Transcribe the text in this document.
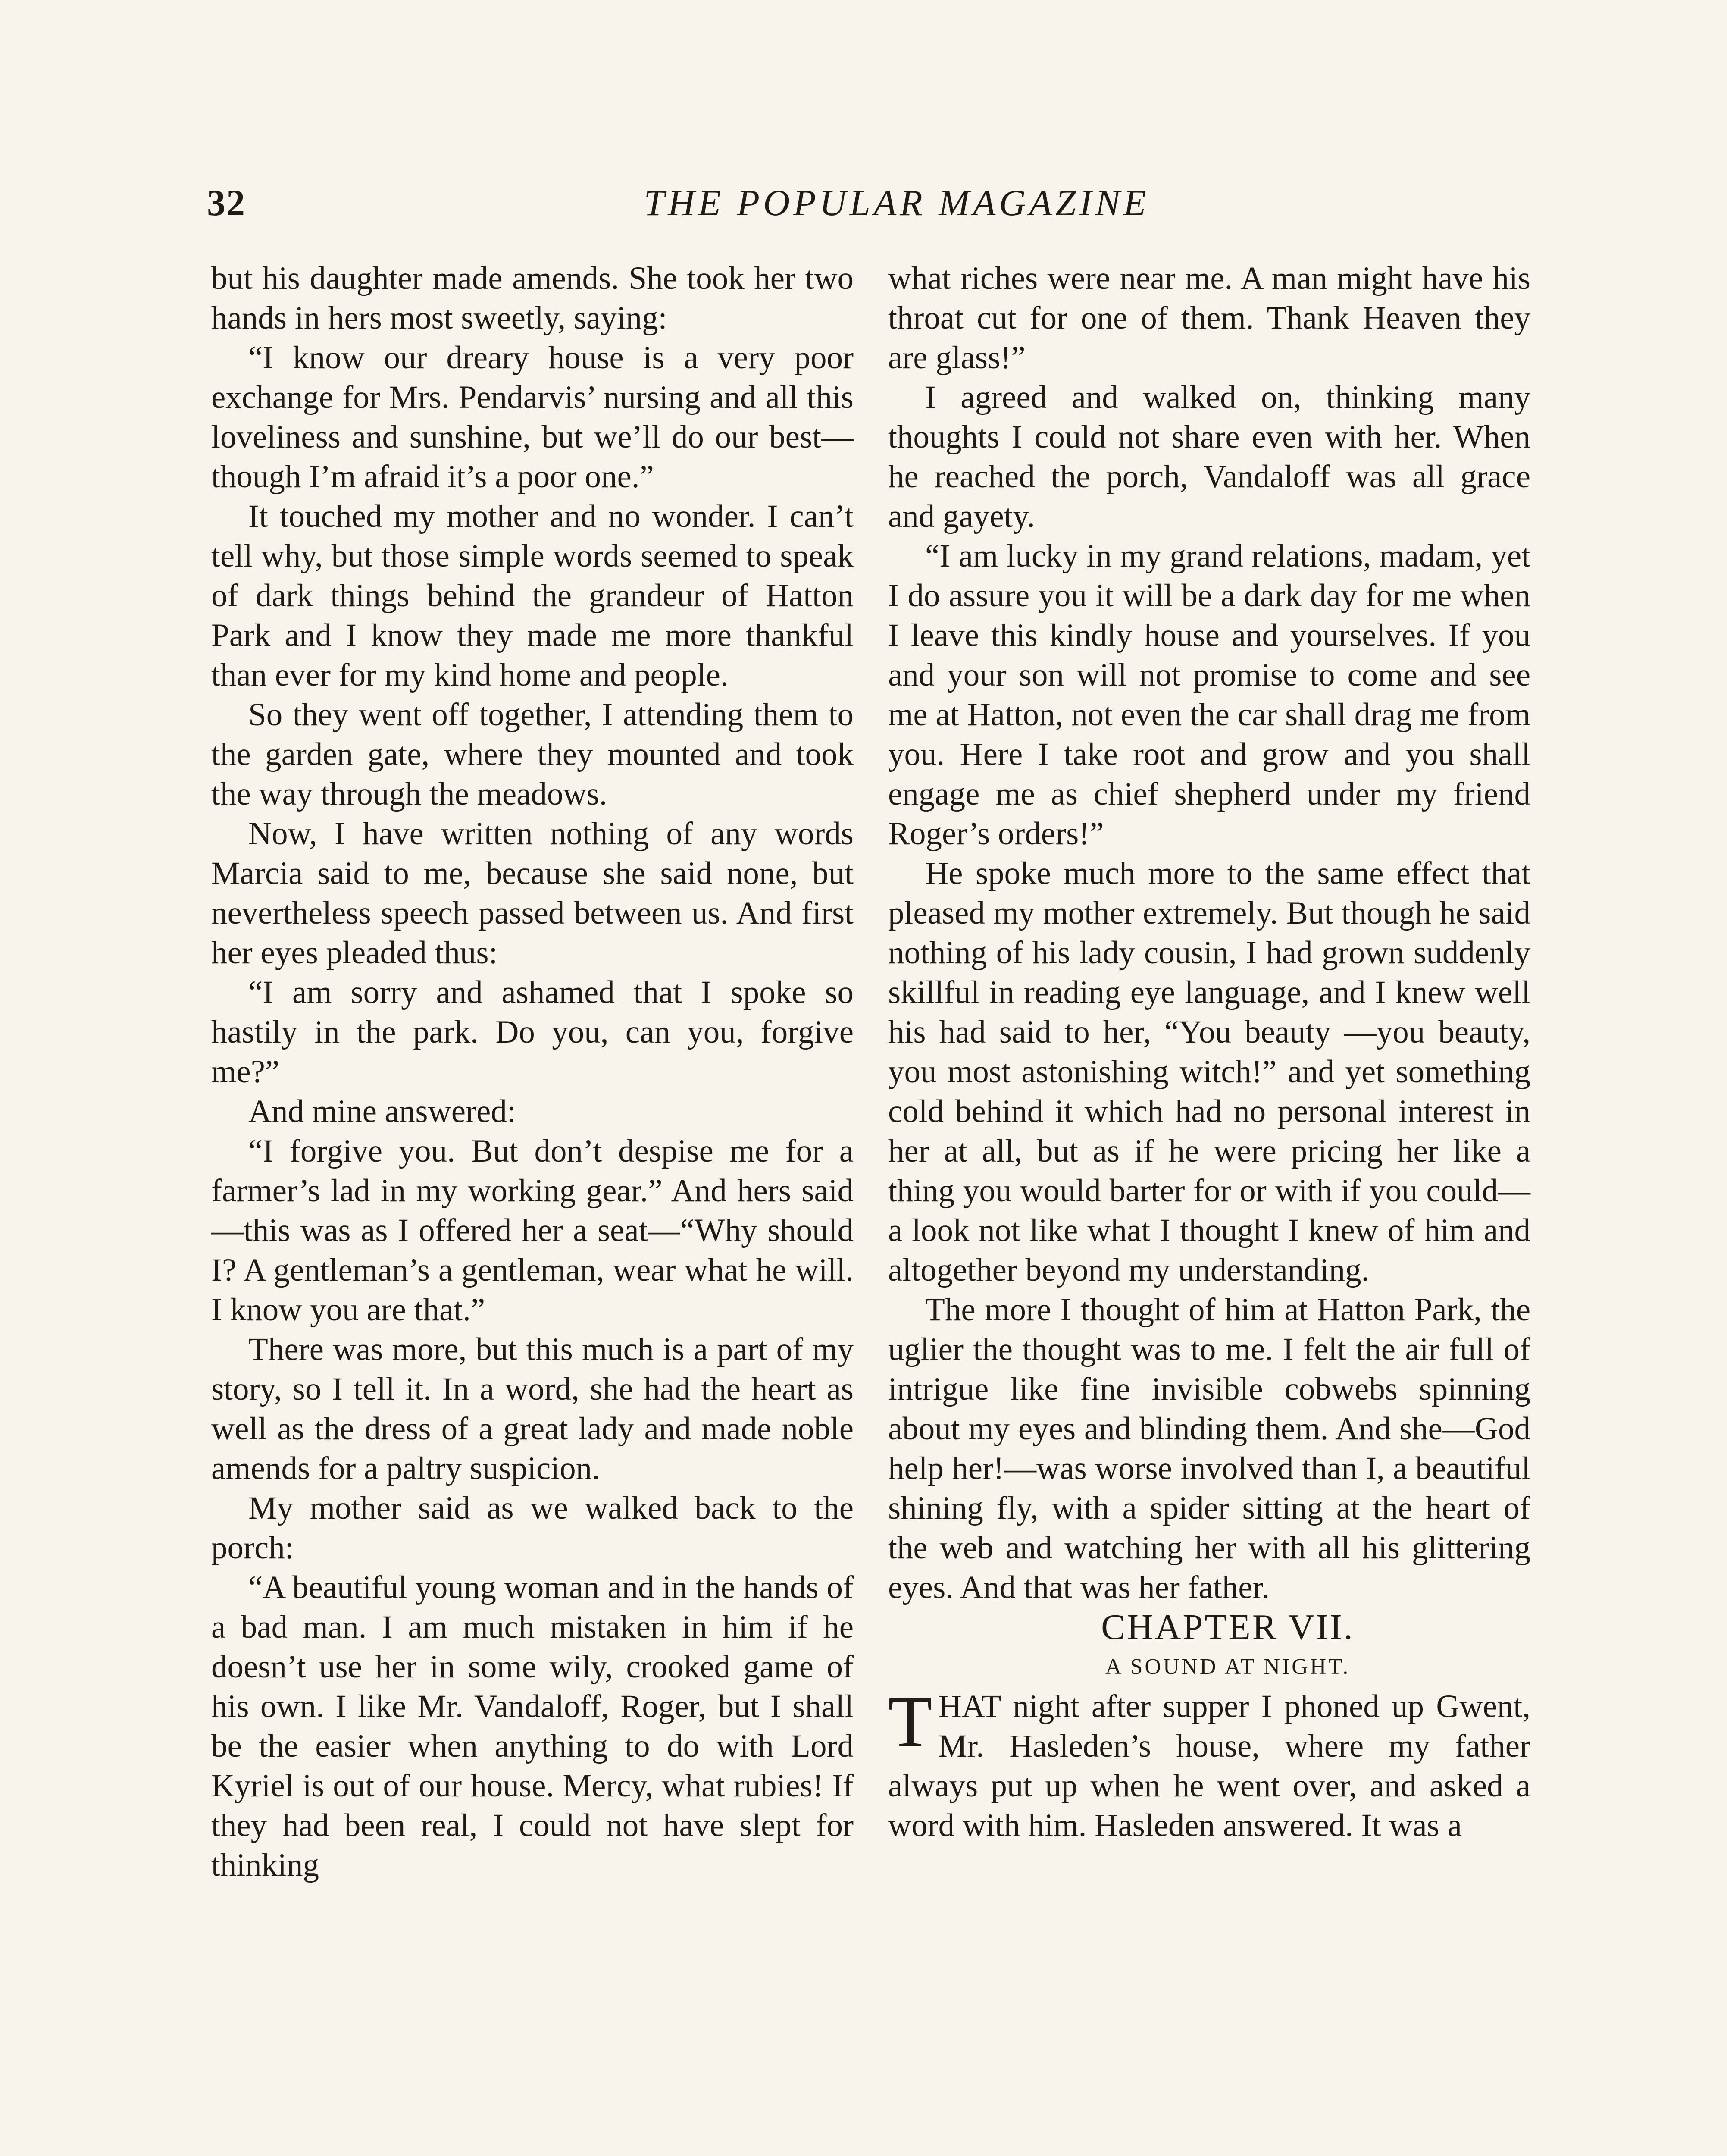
32	THE POPULAR MAGAZINE

but his daughter made amends. She took her two hands in hers most sweetly, saying:

“I know our dreary house is a very poor exchange for Mrs. Pendarvis’ nursing and all this loveliness and sunshine, but we’ll do our best—though I’m afraid it’s a poor one.”

It touched my mother and no wonder. I can’t tell why, but those simple words seemed to speak of dark things behind the grandeur of Hatton Park and I know they made me more thankful than ever for my kind home and people.

So they went off together, I attending them to the garden gate, where they mounted and took the way through the meadows.

Now, I have written nothing of any words Marcia said to me, because she said none, but nevertheless speech passed between us. And first her eyes pleaded thus:

“I am sorry and ashamed that I spoke so hastily in the park. Do you, can you, forgive me?”

And mine answered:

“I forgive you. But don’t despise me for a farmer’s lad in my working gear.” And hers said—this was as I offered her a seat—“Why should I? A gentleman’s a gentleman, wear what he will. I know you are that.”

There was more, but this much is a part of my story, so I tell it. In a word, she had the heart as well as the dress of a great lady and made noble amends for a paltry suspicion.

My mother said as we walked back to the porch:

“A beautiful young woman and in the hands of a bad man. I am much mistaken in him if he doesn’t use her in some wily, crooked game of his own. I like Mr. Vandaloff, Roger, but I shall be the easier when anything to do with Lord Kyriel is out of our house. Mercy, what rubies! If they had been real, I could not have slept for thinking

what riches were near me. A man might have his throat cut for one of them. Thank Heaven they are glass!”

I agreed and walked on, thinking many thoughts I could not share even with her. When he reached the porch, Vandaloff was all grace and gayety.

“I am lucky in my grand relations, madam, yet I do assure you it will be a dark day for me when I leave this kindly house and yourselves. If you and your son will not promise to come and see me at Hatton, not even the car shall drag me from you. Here I take root and grow and you shall engage me as chief shepherd under my friend Roger’s orders!”

He spoke much more to the same effect that pleased my mother extremely. But though he said nothing of his lady cousin, I had grown suddenly skillful in reading eye language, and I knew well his had said to her, “You beauty —you beauty, you most astonishing witch!” and yet something cold behind it which had no personal interest in her at all, but as if he were pricing her like a thing you would barter for or with if you could—a look not like what I thought I knew of him and altogether beyond my understanding.

The more I thought of him at Hatton Park, the uglier the thought was to me. I felt the air full of intrigue like fine invisible cobwebs spinning about my eyes and blinding them. And she—God help her!—was worse involved than I, a beautiful shining fly, with a spider sitting at the heart of the web and watching her with all his glittering eyes. And that was her father.

CHAPTER VII.

A SOUND AT NIGHT.

THAT night after supper I phoned up Gwent, Mr. Hasleden’s house, where my father always put up when he went over, and asked a word with him. Hasleden answered. It was a
